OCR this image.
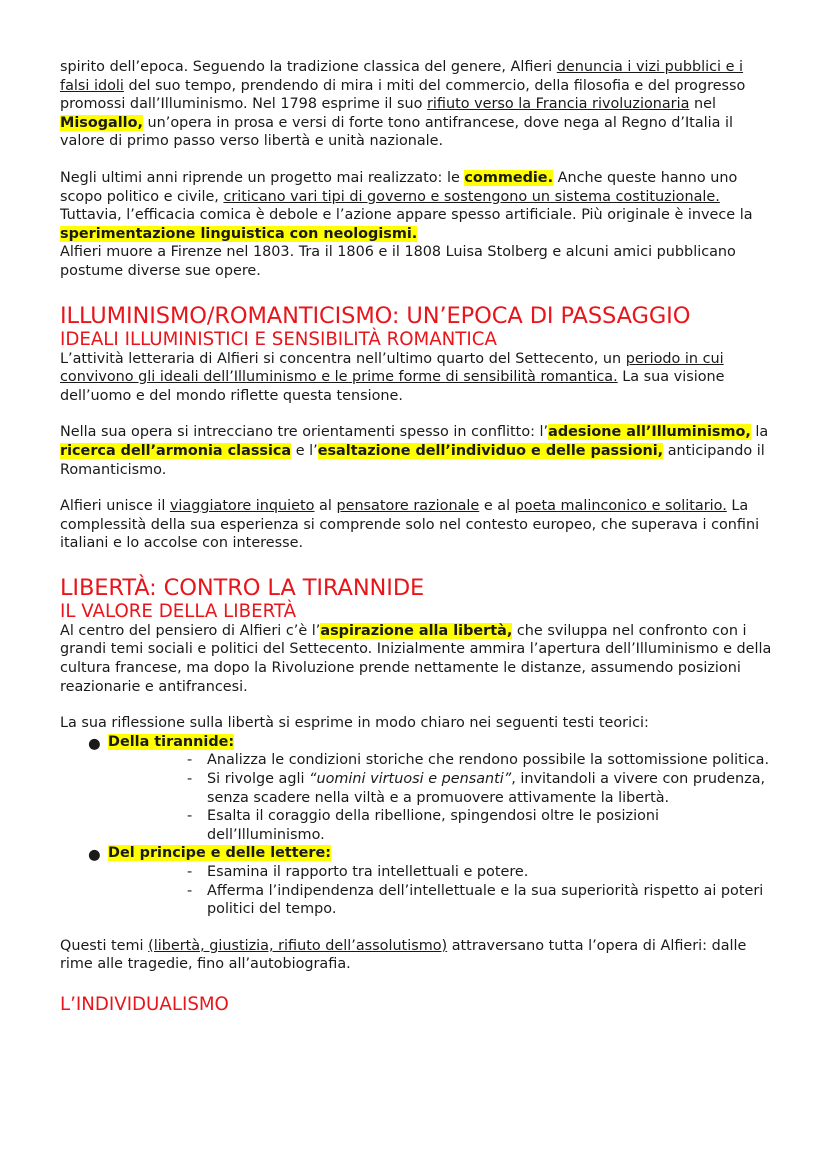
spirito dell’epoca. Seguendo la tradizione classica del genere, Alfieri denuncia i vizi pubblici e i falsi idoli del suo tempo, prendendo di mira i miti del commercio, della filosofia e del progresso promossi dall’Illuminismo. Nel 1798 esprime il suo rifiuto verso la Francia rivoluzionaria nel Misogallo, un’opera in prosa e versi di forte tono antifrancese, dove nega al Regno d’Italia il valore di primo passo verso libertà e unità nazionale.

Negli ultimi anni riprende un progetto mai realizzato: le commedie. Anche queste hanno uno scopo politico e civile, criticano vari tipi di governo e sostengono un sistema costituzionale. Tuttavia, l’efficacia comica è debole e l’azione appare spesso artificiale. Più originale è invece la sperimentazione linguistica con neologismi.

Alfieri muore a Firenze nel 1803. Tra il 1806 e il 1808 Luisa Stolberg e alcuni amici pubblicano postume diverse sue opere.

ILLUMINISMO/ROMANTICISMO: UN’EPOCA DI PASSAGGIO
IDEALI ILLUMINISTICI E SENSIBILITÀ ROMANTICA

L’attività letteraria di Alfieri si concentra nell’ultimo quarto del Settecento, un periodo in cui convivono gli ideali dell’Illuminismo e le prime forme di sensibilità romantica. La sua visione dell’uomo e del mondo riflette questa tensione.

Nella sua opera si intrecciano tre orientamenti spesso in conflitto: l’adesione all’Illuminismo, la ricerca dell’armonia classica e l’esaltazione dell’individuo e delle passioni, anticipando il Romanticismo.

Alfieri unisce il viaggiatore inquieto al pensatore razionale e al poeta malinconico e solitario. La complessità della sua esperienza si comprende solo nel contesto europeo, che superava i confini italiani e lo accolse con interesse.

LIBERTÀ: CONTRO LA TIRANNIDE
IL VALORE DELLA LIBERTÀ

Al centro del pensiero di Alfieri c’è l’aspirazione alla libertà, che sviluppa nel confronto con i grandi temi sociali e politici del Settecento. Inizialmente ammira l’apertura dell’Illuminismo e della cultura francese, ma dopo la Rivoluzione prende nettamente le distanze, assumendo posizioni reazionarie e antifrancesi.

La sua riflessione sulla libertà si esprime in modo chiaro nei seguenti testi teorici:

● Della tirannide:
- Analizza le condizioni storiche che rendono possibile la sottomissione politica.
- Si rivolge agli “uomini virtuosi e pensanti”, invitandoli a vivere con prudenza, senza scadere nella viltà e a promuovere attivamente la libertà.
- Esalta il coraggio della ribellione, spingendosi oltre le posizioni dell’Illuminismo.
● Del principe e delle lettere:
- Esamina il rapporto tra intellettuali e potere.
- Afferma l’indipendenza dell’intellettuale e la sua superiorità rispetto ai poteri politici del tempo.

Questi temi (libertà, giustizia, rifiuto dell’assolutismo) attraversano tutta l’opera di Alfieri: dalle rime alle tragedie, fino all’autobiografia.

L’INDIVIDUALISMO
